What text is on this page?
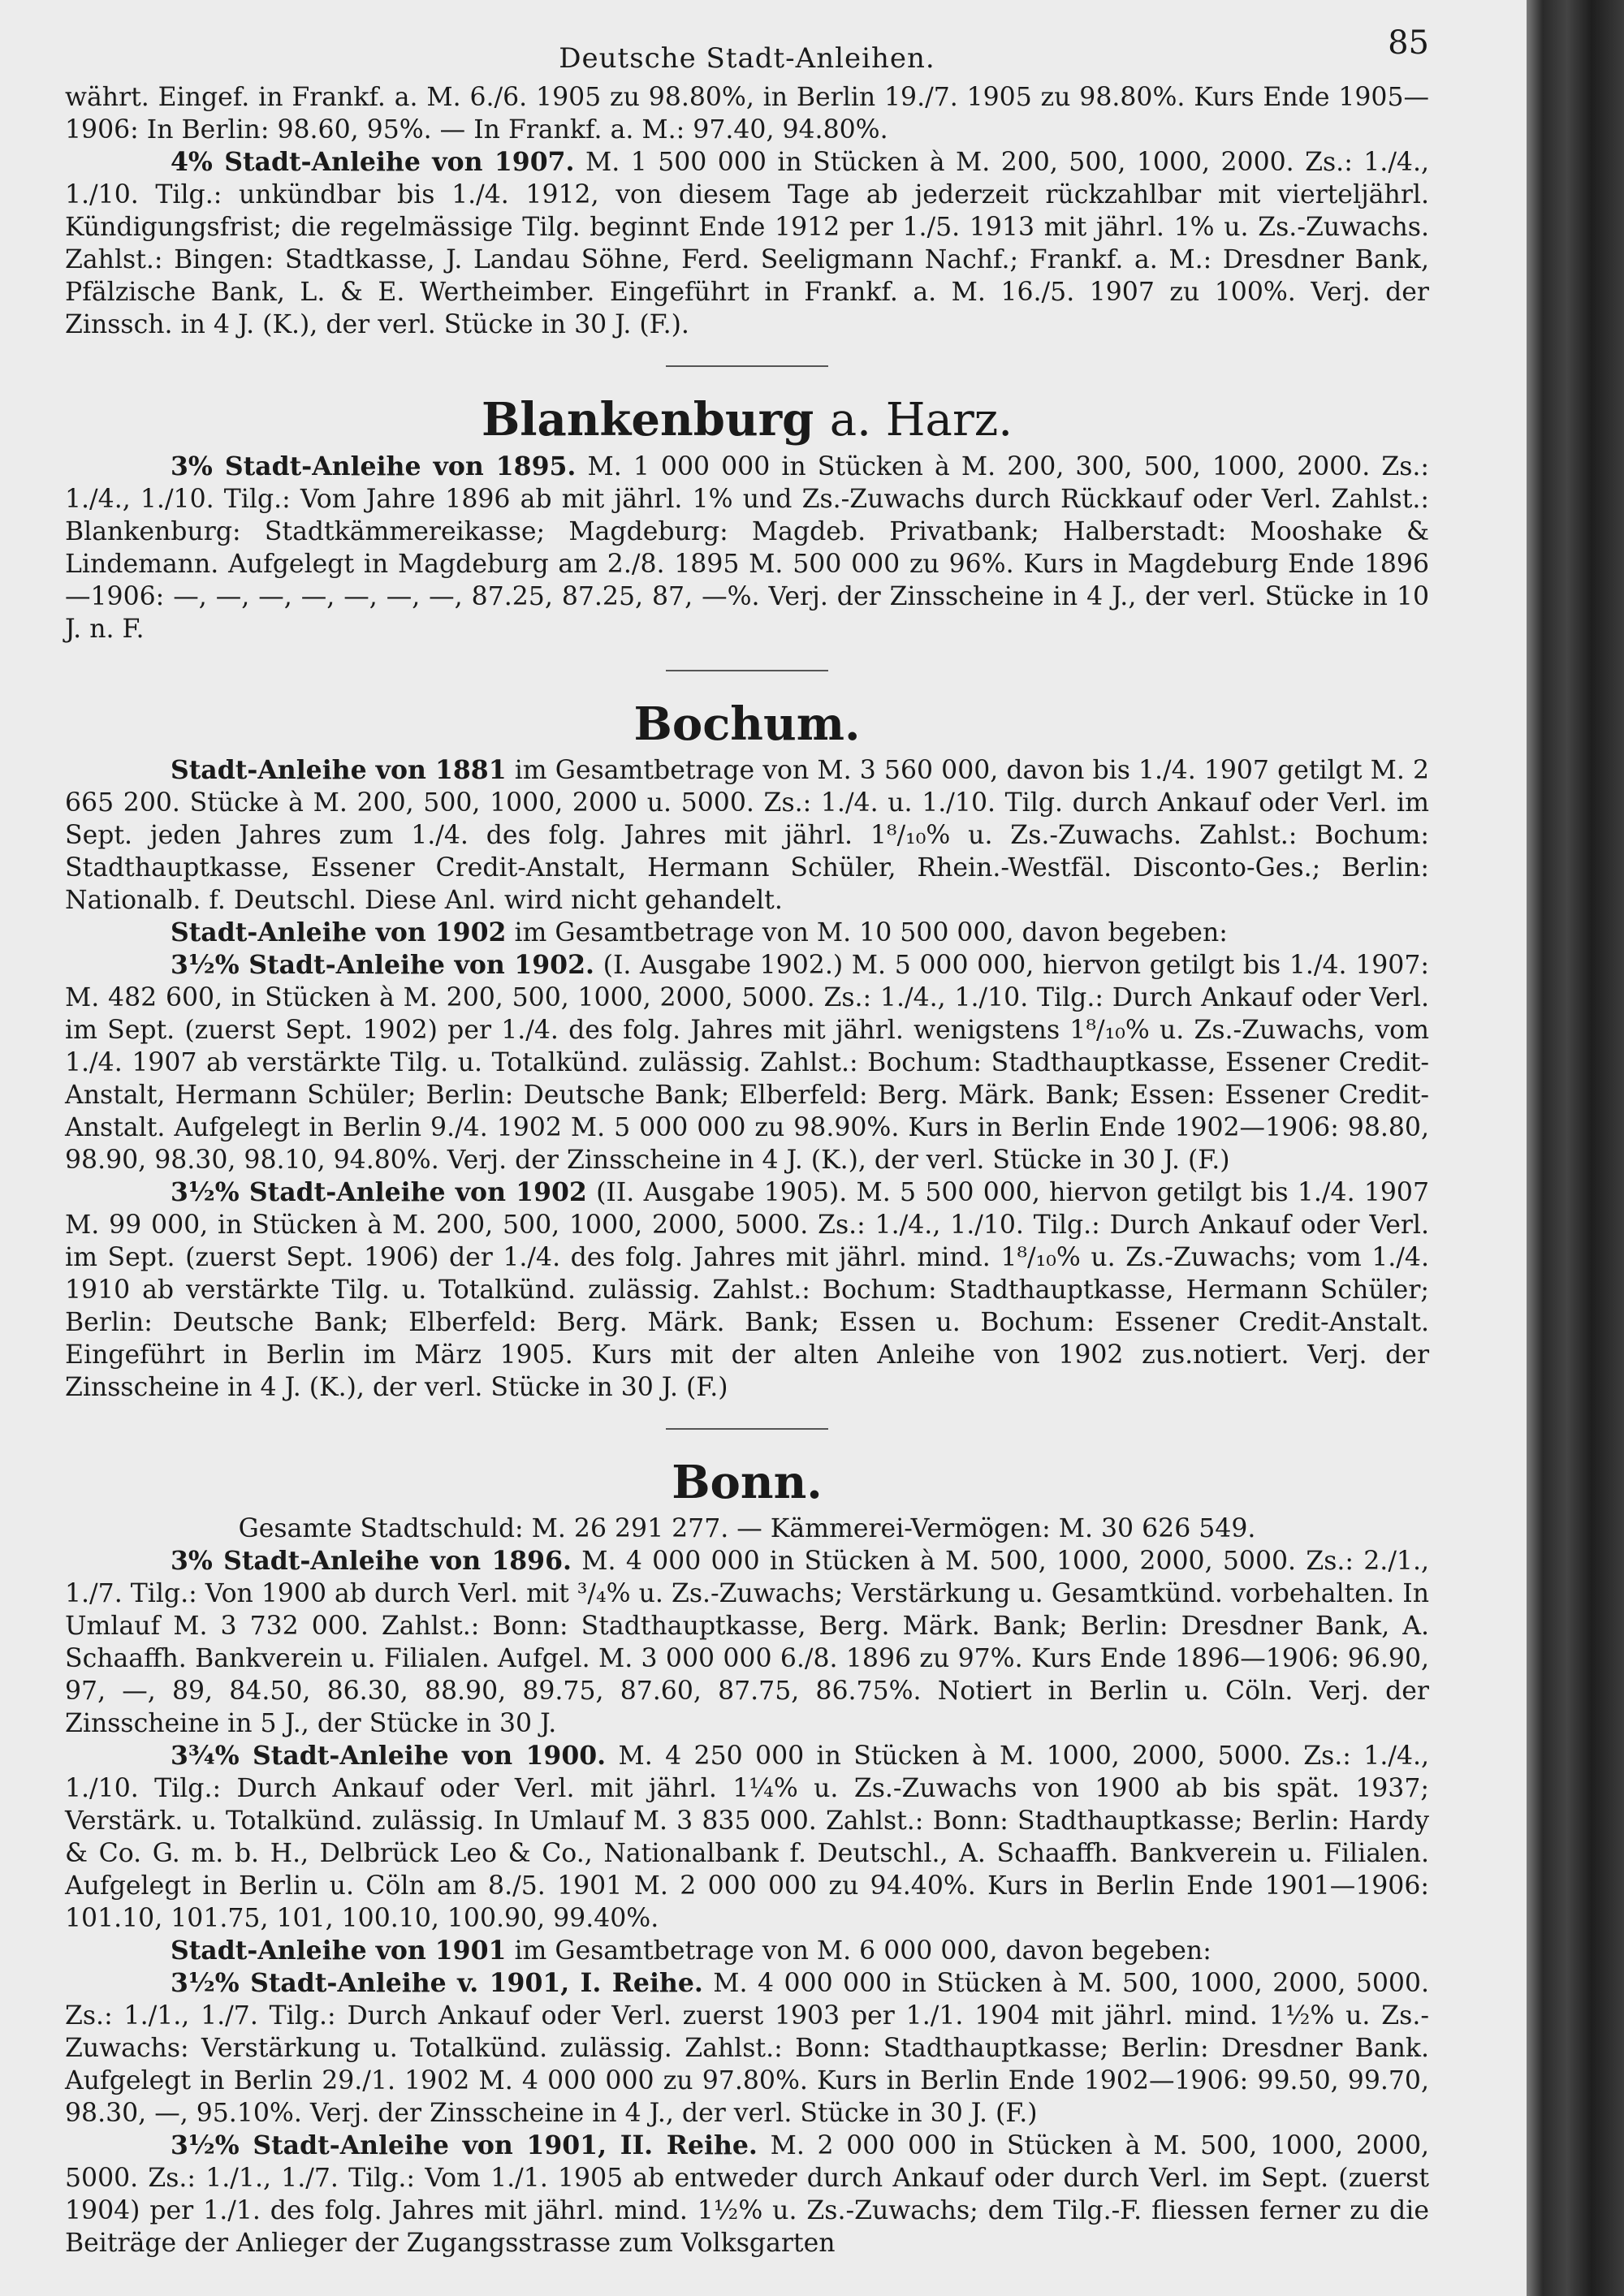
Deutsche Stadt-Anleihen.	85

währt. Eingef. in Frankf. a. M. 6./6. 1905 zu 98.80%, in Berlin 19./7. 1905 zu 98.80%. Kurs Ende 1905—1906: In Berlin: 98.60, 95%. — In Frankf. a. M.: 97.40, 94.80%.

4% Stadt-Anleihe von 1907. M. 1 500 000 in Stücken à M. 200, 500, 1000, 2000. Zs.: 1./4., 1./10. Tilg.: unkündbar bis 1./4. 1912, von diesem Tage ab jederzeit rückzahlbar mit vierteljährl. Kündigungsfrist; die regelmässige Tilg. beginnt Ende 1912 per 1./5. 1913 mit jährl. 1% u. Zs.-Zuwachs. Zahlst.: Bingen: Stadtkasse, J. Landau Söhne, Ferd. Seeligmann Nachf.; Frankf. a. M.: Dresdner Bank, Pfälzische Bank, L. & E. Wertheimber. Eingeführt in Frankf. a. M. 16./5. 1907 zu 100%. Verj. der Zinssch. in 4 J. (K.), der verl. Stücke in 30 J. (F.).

Blankenburg a. Harz.

3% Stadt-Anleihe von 1895. M. 1 000 000 in Stücken à M. 200, 300, 500, 1000, 2000. Zs.: 1./4., 1./10. Tilg.: Vom Jahre 1896 ab mit jährl. 1% und Zs.-Zuwachs durch Rückkauf oder Verl. Zahlst.: Blankenburg: Stadtkämmereikasse; Magdeburg: Magdeb. Privatbank; Halberstadt: Mooshake & Lindemann. Aufgelegt in Magdeburg am 2./8. 1895 M. 500 000 zu 96%. Kurs in Magdeburg Ende 1896—1906: —, —, —, —, —, —, —, 87.25, 87.25, 87, —%. Verj. der Zinsscheine in 4 J., der verl. Stücke in 10 J. n. F.

Bochum.

Stadt-Anleihe von 1881 im Gesamtbetrage von M. 3 560 000, davon bis 1./4. 1907 getilgt M. 2 665 200. Stücke à M. 200, 500, 1000, 2000 u. 5000. Zs.: 1./4. u. 1./10. Tilg. durch Ankauf oder Verl. im Sept. jeden Jahres zum 1./4. des folg. Jahres mit jährl. 1⁸/₁₀% u. Zs.-Zuwachs. Zahlst.: Bochum: Stadthauptkasse, Essener Credit-Anstalt, Hermann Schüler, Rhein.-Westfäl. Disconto-Ges.; Berlin: Nationalb. f. Deutschl. Diese Anl. wird nicht gehandelt.

Stadt-Anleihe von 1902 im Gesamtbetrage von M. 10 500 000, davon begeben:

3½% Stadt-Anleihe von 1902. (I. Ausgabe 1902.) M. 5 000 000, hiervon getilgt bis 1./4. 1907: M. 482 600, in Stücken à M. 200, 500, 1000, 2000, 5000. Zs.: 1./4., 1./10. Tilg.: Durch Ankauf oder Verl. im Sept. (zuerst Sept. 1902) per 1./4. des folg. Jahres mit jährl. wenigstens 1⁸/₁₀% u. Zs.-Zuwachs, vom 1./4. 1907 ab verstärkte Tilg. u. Totalkünd. zulässig. Zahlst.: Bochum: Stadthauptkasse, Essener Credit-Anstalt, Hermann Schüler; Berlin: Deutsche Bank; Elberfeld: Berg. Märk. Bank; Essen: Essener Credit-Anstalt. Aufgelegt in Berlin 9./4. 1902 M. 5 000 000 zu 98.90%. Kurs in Berlin Ende 1902—1906: 98.80, 98.90, 98.30, 98.10, 94.80%. Verj. der Zinsscheine in 4 J. (K.), der verl. Stücke in 30 J. (F.)

3½% Stadt-Anleihe von 1902 (II. Ausgabe 1905). M. 5 500 000, hiervon getilgt bis 1./4. 1907 M. 99 000, in Stücken à M. 200, 500, 1000, 2000, 5000. Zs.: 1./4., 1./10. Tilg.: Durch Ankauf oder Verl. im Sept. (zuerst Sept. 1906) der 1./4. des folg. Jahres mit jährl. mind. 1⁸/₁₀% u. Zs.-Zuwachs; vom 1./4. 1910 ab verstärkte Tilg. u. Totalkünd. zulässig. Zahlst.: Bochum: Stadthauptkasse, Hermann Schüler; Berlin: Deutsche Bank; Elberfeld: Berg. Märk. Bank; Essen u. Bochum: Essener Credit-Anstalt. Eingeführt in Berlin im März 1905. Kurs mit der alten Anleihe von 1902 zus.notiert. Verj. der Zinsscheine in 4 J. (K.), der verl. Stücke in 30 J. (F.)

Bonn.

Gesamte Stadtschuld: M. 26 291 277. — Kämmerei-Vermögen: M. 30 626 549.

3% Stadt-Anleihe von 1896. M. 4 000 000 in Stücken à M. 500, 1000, 2000, 5000. Zs.: 2./1., 1./7. Tilg.: Von 1900 ab durch Verl. mit ³/₄% u. Zs.-Zuwachs; Verstärkung u. Gesamtkünd. vorbehalten. In Umlauf M. 3 732 000. Zahlst.: Bonn: Stadthauptkasse, Berg. Märk. Bank; Berlin: Dresdner Bank, A. Schaaffh. Bankverein u. Filialen. Aufgel. M. 3 000 000 6./8. 1896 zu 97%. Kurs Ende 1896—1906: 96.90, 97, —, 89, 84.50, 86.30, 88.90, 89.75, 87.60, 87.75, 86.75%. Notiert in Berlin u. Cöln. Verj. der Zinsscheine in 5 J., der Stücke in 30 J.

3¾% Stadt-Anleihe von 1900. M. 4 250 000 in Stücken à M. 1000, 2000, 5000. Zs.: 1./4., 1./10. Tilg.: Durch Ankauf oder Verl. mit jährl. 1¼% u. Zs.-Zuwachs von 1900 ab bis spät. 1937; Verstärk. u. Totalkünd. zulässig. In Umlauf M. 3 835 000. Zahlst.: Bonn: Stadthauptkasse; Berlin: Hardy & Co. G. m. b. H., Delbrück Leo & Co., Nationalbank f. Deutschl., A. Schaaffh. Bankverein u. Filialen. Aufgelegt in Berlin u. Cöln am 8./5. 1901 M. 2 000 000 zu 94.40%. Kurs in Berlin Ende 1901—1906: 101.10, 101.75, 101, 100.10, 100.90, 99.40%.

Stadt-Anleihe von 1901 im Gesamtbetrage von M. 6 000 000, davon begeben:

3½% Stadt-Anleihe v. 1901, I. Reihe. M. 4 000 000 in Stücken à M. 500, 1000, 2000, 5000. Zs.: 1./1., 1./7. Tilg.: Durch Ankauf oder Verl. zuerst 1903 per 1./1. 1904 mit jährl. mind. 1½% u. Zs.-Zuwachs: Verstärkung u. Totalkünd. zulässig. Zahlst.: Bonn: Stadthauptkasse; Berlin: Dresdner Bank. Aufgelegt in Berlin 29./1. 1902 M. 4 000 000 zu 97.80%. Kurs in Berlin Ende 1902—1906: 99.50, 99.70, 98.30, —, 95.10%. Verj. der Zinsscheine in 4 J., der verl. Stücke in 30 J. (F.)

3½% Stadt-Anleihe von 1901, II. Reihe. M. 2 000 000 in Stücken à M. 500, 1000, 2000, 5000. Zs.: 1./1., 1./7. Tilg.: Vom 1./1. 1905 ab entweder durch Ankauf oder durch Verl. im Sept. (zuerst 1904) per 1./1. des folg. Jahres mit jährl. mind. 1½% u. Zs.-Zuwachs; dem Tilg.-F. fliessen ferner zu die Beiträge der Anlieger der Zugangsstrasse zum Volksgarten
